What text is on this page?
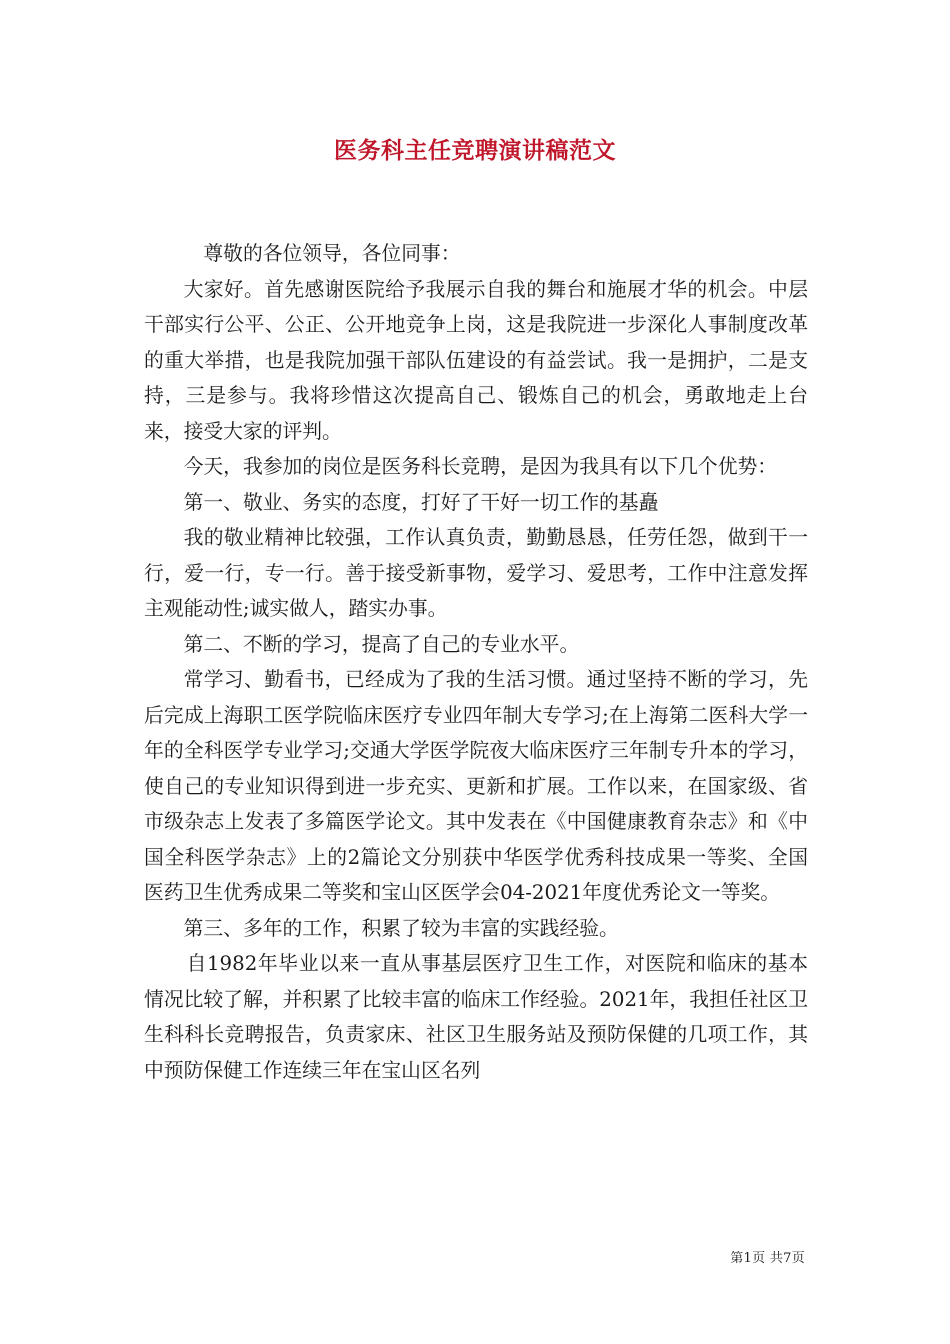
医务科主任竞聘演讲稿范文

尊敬的各位领导，各位同事：

大家好。首先感谢医院给予我展示自我的舞台和施展才华的机会。中层干部实行公平、公正、公开地竞争上岗，这是我院进一步深化人事制度改革的重大举措，也是我院加强干部队伍建设的有益尝试。我一是拥护，二是支持，三是参与。我将珍惜这次提高自己、锻炼自己的机会，勇敢地走上台来，接受大家的评判。

今天，我参加的岗位是医务科长竞聘，是因为我具有以下几个优势：

第一、敬业、务实的态度，打好了干好一切工作的基矗

我的敬业精神比较强，工作认真负责，勤勤恳恳，任劳任怨，做到干一行，爱一行，专一行。善于接受新事物，爱学习、爱思考，工作中注意发挥主观能动性;诚实做人，踏实办事。

第二、不断的学习，提高了自己的专业水平。

常学习、勤看书，已经成为了我的生活习惯。通过坚持不断的学习，先后完成上海职工医学院临床医疗专业四年制大专学习;在上海第二医科大学一年的全科医学专业学习;交通大学医学院夜大临床医疗三年制专升本的学习，使自己的专业知识得到进一步充实、更新和扩展。工作以来，在国家级、省市级杂志上发表了多篇医学论文。其中发表在《中国健康教育杂志》和《中国全科医学杂志》上的2篇论文分别获中华医学优秀科技成果一等奖、全国医药卫生优秀成果二等奖和宝山区医学会04-2021年度优秀论文一等奖。

第三、多年的工作，积累了较为丰富的实践经验。

自1982年毕业以来一直从事基层医疗卫生工作，对医院和临床的基本情况比较了解，并积累了比较丰富的临床工作经验。2021年，我担任社区卫生科科长竞聘报告，负责家床、社区卫生服务站及预防保健的几项工作，其中预防保健工作连续三年在宝山区名列

第1页 共7页
